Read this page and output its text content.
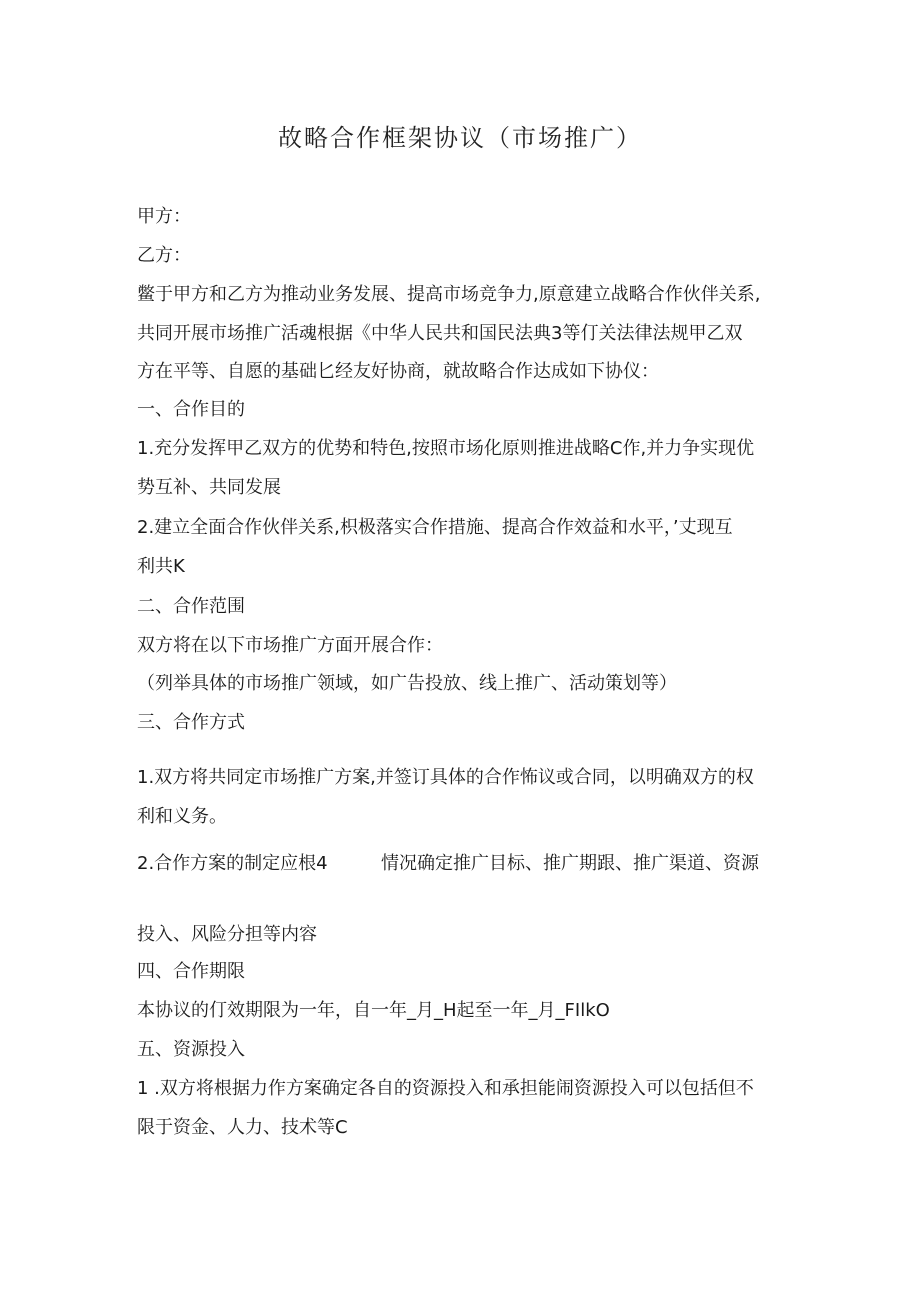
故略合作框架协议（市场推广）
甲方：
乙方：
鳖于甲方和乙方为推动业务发展、提高市场竞争力,原意建立战略合作伙伴关系,
共同开展市场推广活魂根据《中华人民共和国民法典3等仃关法律法规甲乙双
方在平等、自愿的基础匕经友好协商，就故略合作达成如下协仪：
一、合作目的
1.充分发挥甲乙双方的优势和特色,按照市场化原则推进战略C作,并力争实现优
势互补、共同发展
2.建立全面合作伙伴关系,枳极落实合作措施、提高合作效益和水平，’丈现互
利共K
二、合作范围
双方将在以下市场推广方面开展合作：
（列举具体的市场推广领域，如广告投放、线上推广、活动策划等）
三、合作方式
1.双方将共同定市场推广方案,并签订具体的合作怖议或合同，以明确双方的权
利和义务。
2.合作方案的制定应根4	情况确定推广目标、推广期跟、推广渠道、资源
投入、风险分担等内容
四、合作期限
本协议的仃效期限为一年，自一年_月_H起至一年_月_FIlkO
五、资源投入
1 .双方将根据力作方案确定各自的资源投入和承担能闹资源投入可以包括但不
限于资金、人力、技术等C
